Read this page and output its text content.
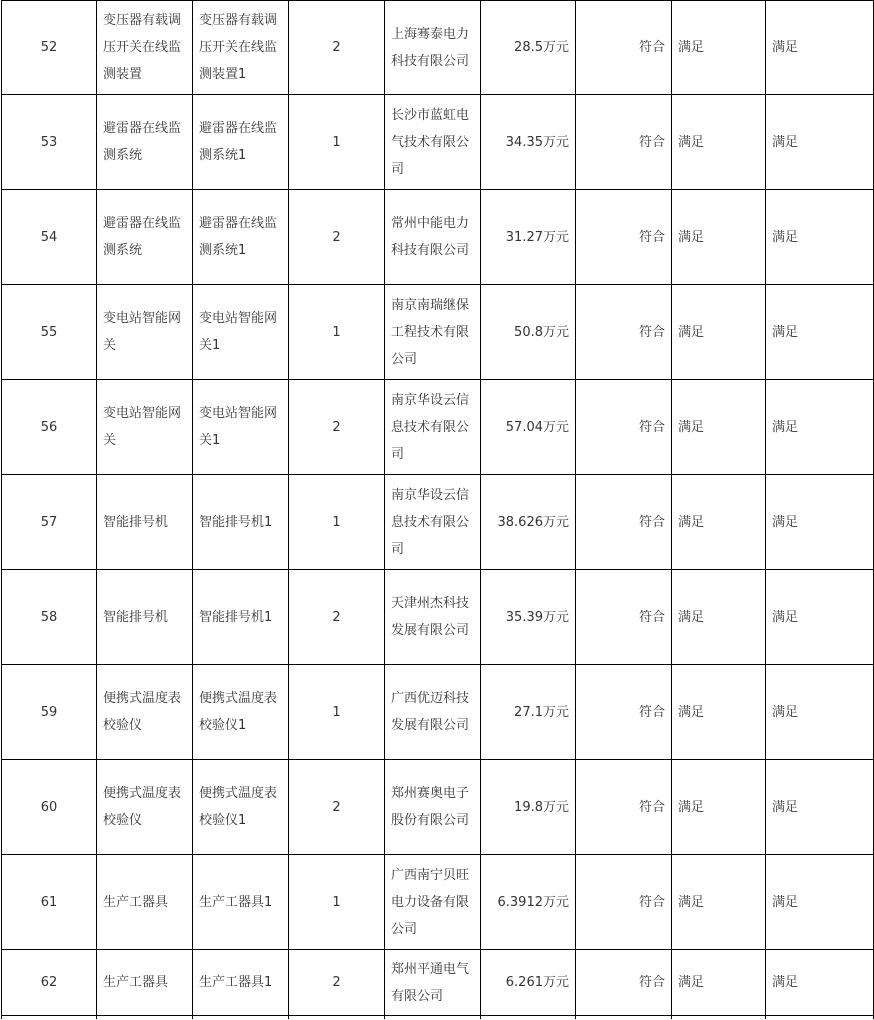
52	变压器有载调压开关在线监测装置	变压器有载调压开关在线监测装置1	2	上海骞泰电力科技有限公司	28.5万元	符合	满足	满足
53	避雷器在线监测系统	避雷器在线监测系统1	1	长沙市蓝虹电气技术有限公司	34.35万元	符合	满足	满足
54	避雷器在线监测系统	避雷器在线监测系统1	2	常州中能电力科技有限公司	31.27万元	符合	满足	满足
55	变电站智能网关	变电站智能网关1	1	南京南瑞继保工程技术有限公司	50.8万元	符合	满足	满足
56	变电站智能网关	变电站智能网关1	2	南京华设云信息技术有限公司	57.04万元	符合	满足	满足
57	智能排号机	智能排号机1	1	南京华设云信息技术有限公司	38.626万元	符合	满足	满足
58	智能排号机	智能排号机1	2	天津州杰科技发展有限公司	35.39万元	符合	满足	满足
59	便携式温度表校验仪	便携式温度表校验仪1	1	广西优迈科技发展有限公司	27.1万元	符合	满足	满足
60	便携式温度表校验仪	便携式温度表校验仪1	2	郑州赛奥电子股份有限公司	19.8万元	符合	满足	满足
61	生产工器具	生产工器具1	1	广西南宁贝旺电力设备有限公司	6.3912万元	符合	满足	满足
62	生产工器具	生产工器具1	2	郑州平通电气有限公司	6.261万元	符合	满足	满足
